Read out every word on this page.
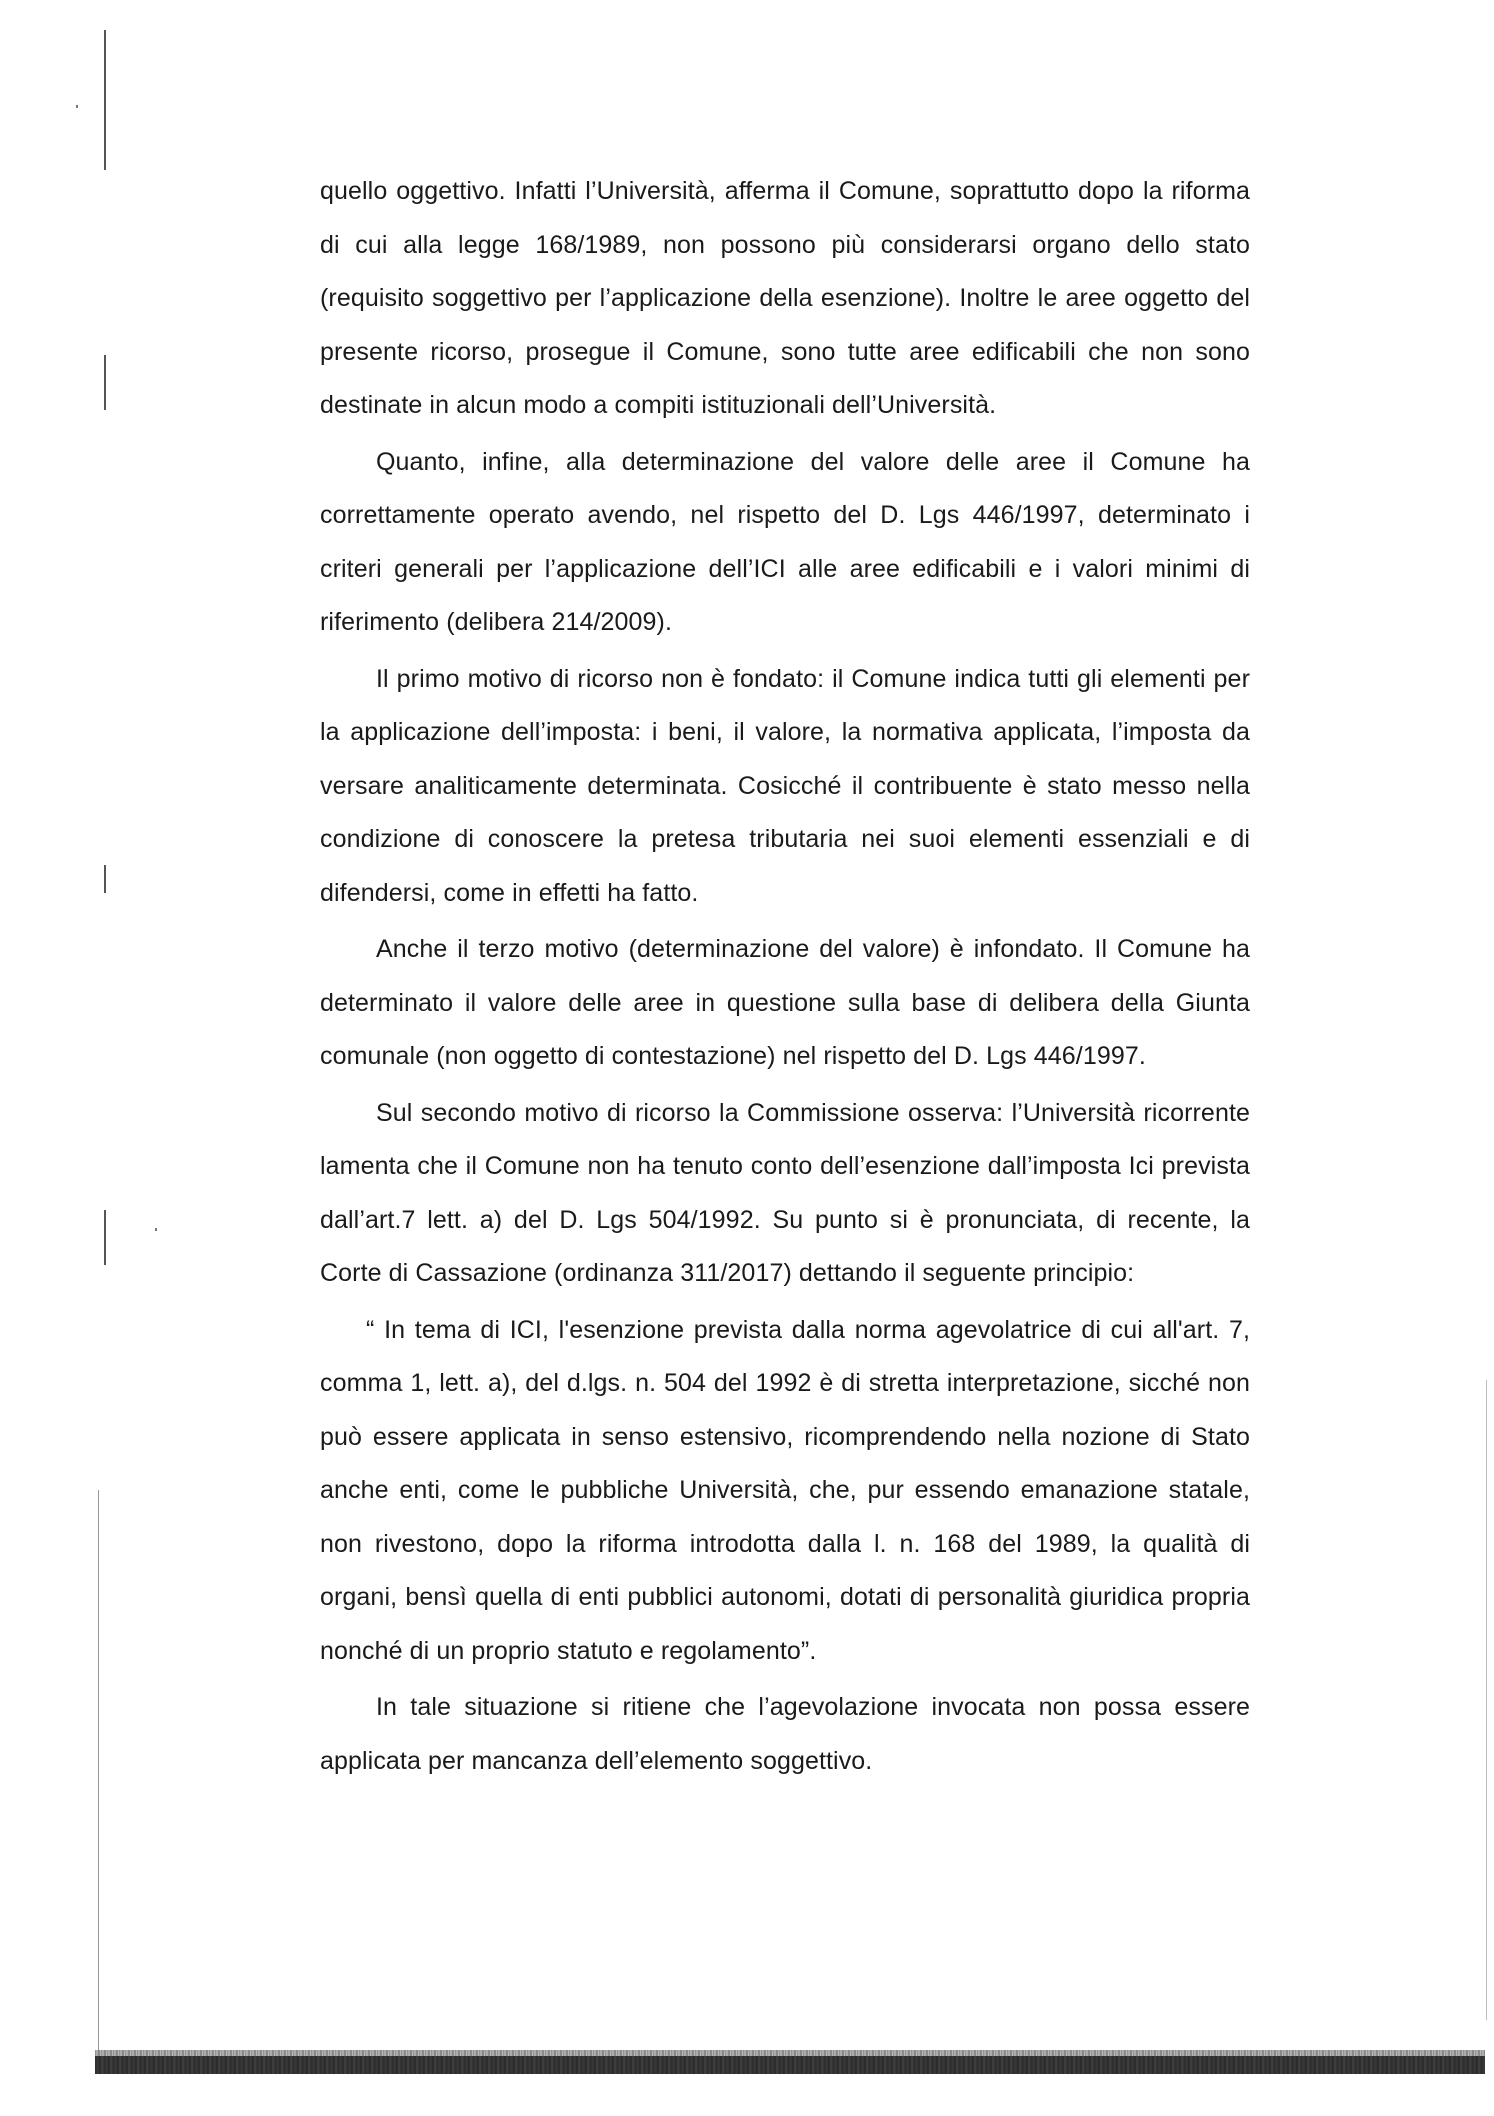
quello oggettivo. Infatti l’Università, afferma il Comune, soprattutto dopo la riforma di cui alla legge 168/1989, non possono più considerarsi organo dello stato (requisito soggettivo per l’applicazione della esenzione). Inoltre le aree oggetto del presente ricorso, prosegue il Comune, sono tutte aree edificabili che non sono destinate in alcun modo a compiti istituzionali dell’Università.

Quanto, infine, alla determinazione del valore delle aree il Comune ha correttamente operato avendo, nel rispetto del D. Lgs 446/1997, determinato i criteri generali per l’applicazione dell’ICI alle aree edificabili e i valori minimi di riferimento (delibera 214/2009).

Il primo motivo di ricorso non è fondato: il Comune indica tutti gli elementi per la applicazione dell’imposta: i beni, il valore, la normativa applicata, l’imposta da versare analiticamente determinata. Cosicché il contribuente è stato messo nella condizione di conoscere la pretesa tributaria nei suoi elementi essenziali e di difendersi, come in effetti ha fatto.

Anche il terzo motivo (determinazione del valore) è infondato. Il Comune ha determinato il valore delle aree in questione sulla base di delibera della Giunta comunale (non oggetto di contestazione) nel rispetto del D. Lgs 446/1997.

Sul secondo motivo di ricorso la Commissione osserva: l’Università ricorrente lamenta che il Comune non ha tenuto conto dell’esenzione dall’imposta Ici prevista dall’art.7 lett. a) del D. Lgs 504/1992. Su punto si è pronunciata, di recente, la Corte di Cassazione (ordinanza 311/2017) dettando il seguente principio:

“ In tema di ICI, l'esenzione prevista dalla norma agevolatrice di cui all'art. 7, comma 1, lett. a), del d.lgs. n. 504 del 1992 è di stretta interpretazione, sicché non può essere applicata in senso estensivo, ricomprendendo nella nozione di Stato anche enti, come le pubbliche Università, che, pur essendo emanazione statale, non rivestono, dopo la riforma introdotta dalla l. n. 168 del 1989, la qualità di organi, bensì quella di enti pubblici autonomi, dotati di personalità giuridica propria nonché di un proprio statuto e regolamento”.

In tale situazione si ritiene che l’agevolazione invocata non possa essere applicata per mancanza dell’elemento soggettivo.
